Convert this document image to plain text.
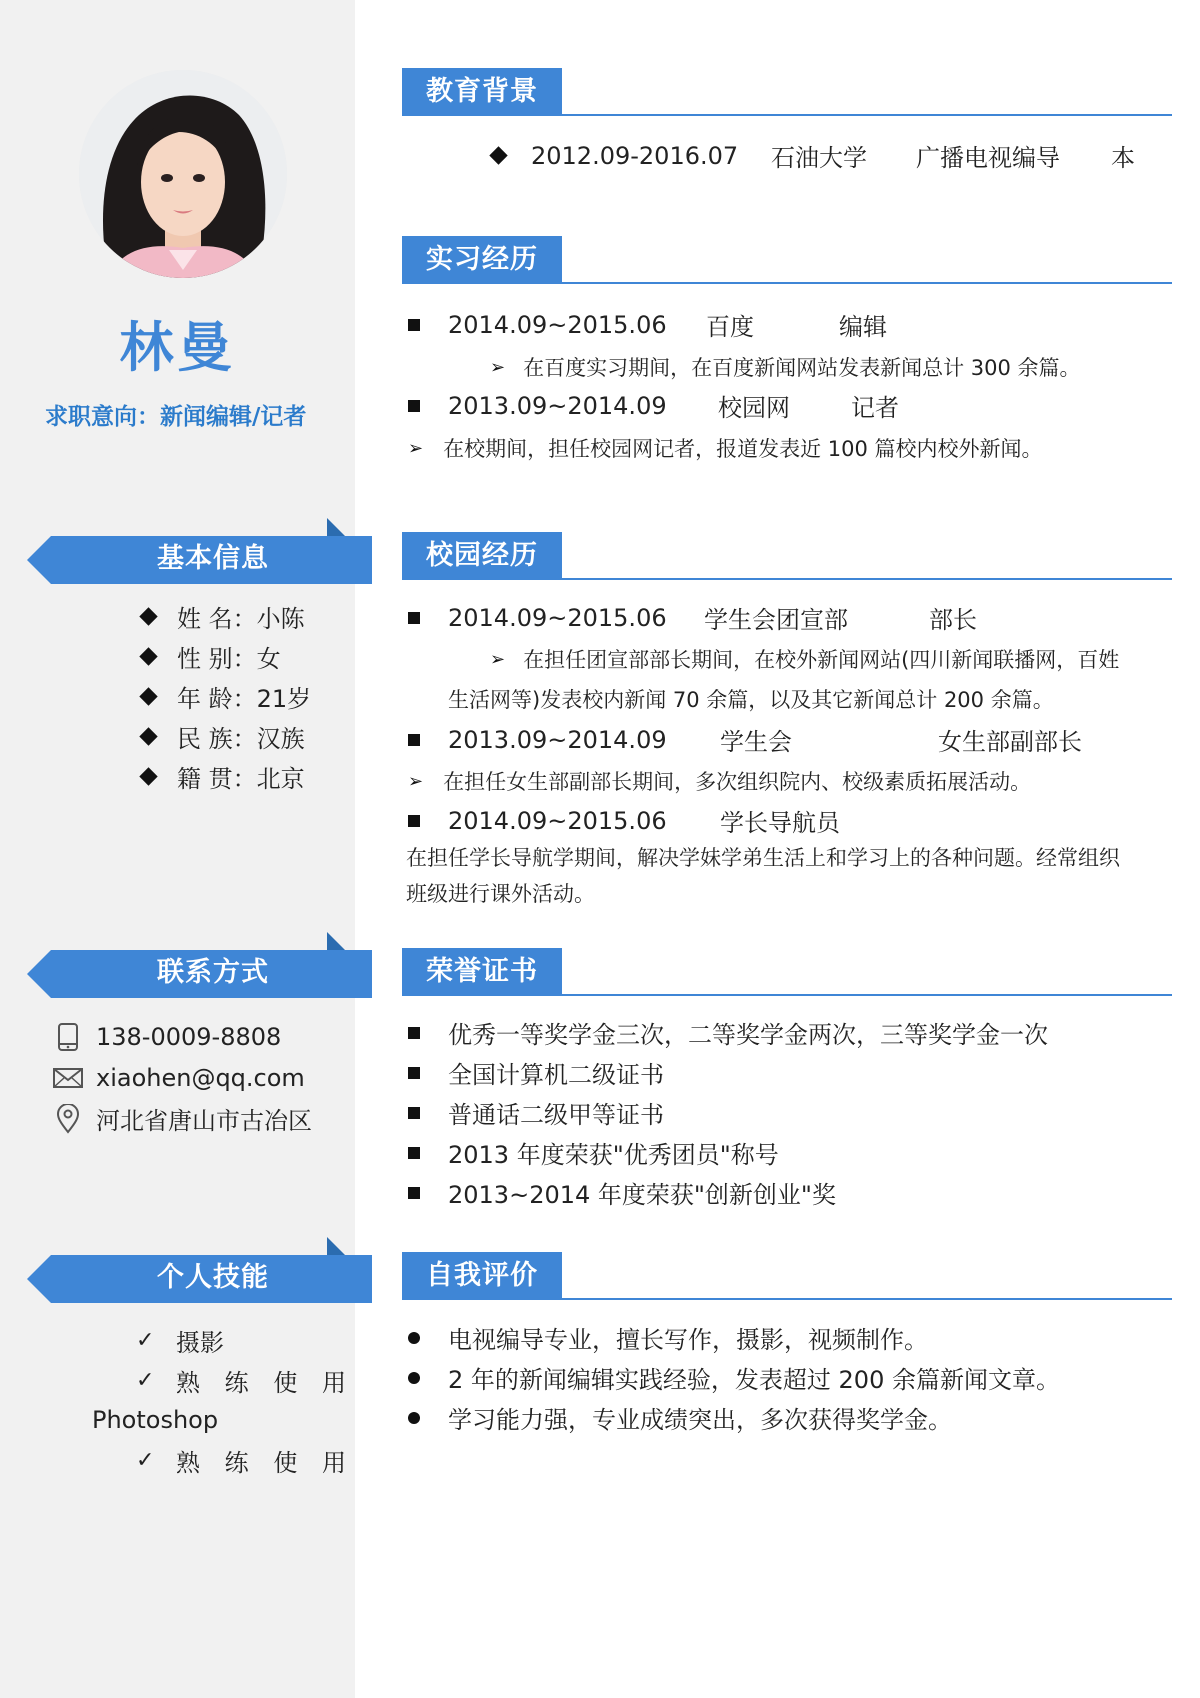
林曼
求职意向：新闻编辑/记者
基本信息
姓 名： 小陈
性 别： 女
年 龄： 21岁
民 族： 汉族
籍 贯： 北京
联系方式
138-0009-8808
xiaohen@qq.com
河北省唐山市古冶区
个人技能
✓ 摄影
✓ 熟 练 使 用
Photoshop
✓ 熟 练 使 用
教育背景
2012.09-2016.07	石油大学	广播电视编导	本
实习经历
2014.09~2015.06	百度	编辑
➢ 在百度实习期间，在百度新闻网站发表新闻总计 300 余篇。
2013.09~2014.09	校园网	记者
➢ 在校期间，担任校园网记者，报道发表近 100 篇校内校外新闻。
校园经历
2014.09~2015.06	学生会团宣部	部长
➢ 在担任团宣部部长期间，在校外新闻网站(四川新闻联播网，百姓
生活网等)发表校内新闻 70 余篇，以及其它新闻总计 200 余篇。
2013.09~2014.09	学生会	女生部副部长
➢ 在担任女生部副部长期间，多次组织院内、校级素质拓展活动。
2014.09~2015.06	学长导航员
在担任学长导航学期间，解决学妹学弟生活上和学习上的各种问题。经常组织
班级进行课外活动。
荣誉证书
优秀一等奖学金三次，二等奖学金两次，三等奖学金一次
全国计算机二级证书
普通话二级甲等证书
2013 年度荣获"优秀团员"称号
2013~2014 年度荣获"创新创业"奖
自我评价
电视编导专业，擅长写作，摄影，视频制作。
2 年的新闻编辑实践经验，发表超过 200 余篇新闻文章。
学习能力强，专业成绩突出，多次获得奖学金。
